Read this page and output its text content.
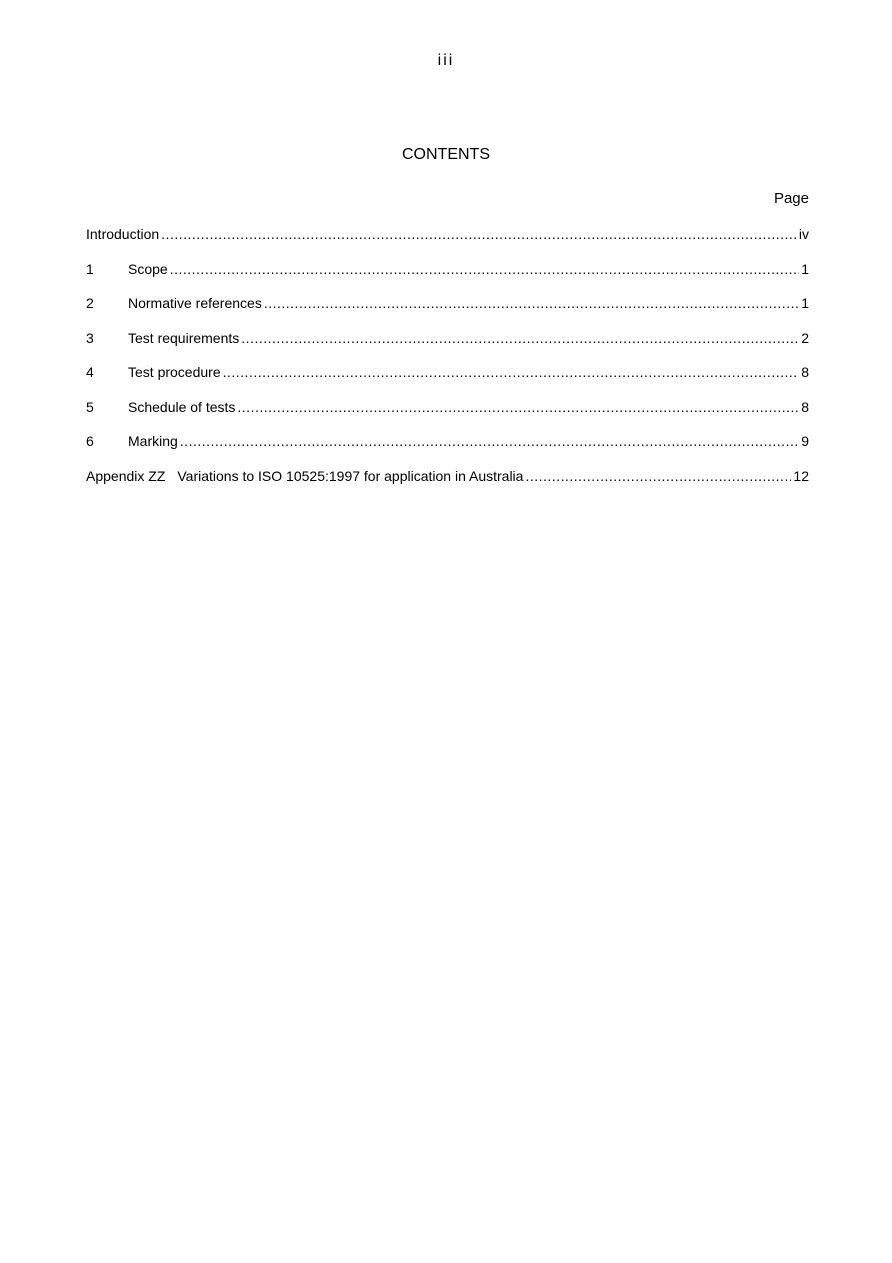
iii
CONTENTS
Page
Introduction .....	iv
1	Scope .....	1
2	Normative references .....	1
3	Test requirements .....	2
4	Test procedure .....	8
5	Schedule of tests .....	8
6	Marking .....	9
Appendix ZZ Variations to ISO 10525:1997 for application in Australia .....	12
